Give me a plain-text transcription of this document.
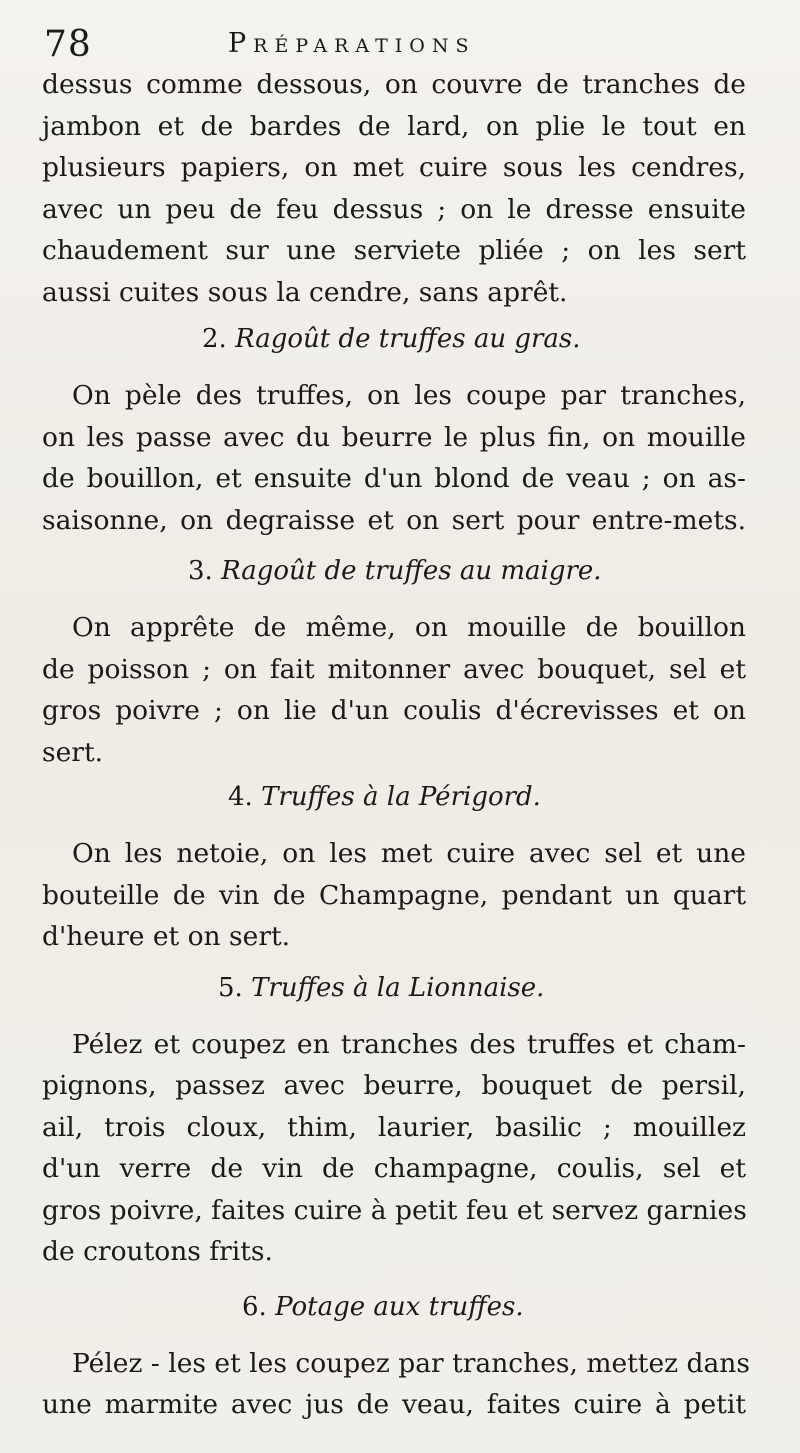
78	Préparations
dessus comme dessous, on couvre de tranches de
jambon et de bardes de lard, on plie le tout en
plusieurs papiers, on met cuire sous les cendres,
avec un peu de feu dessus ; on le dresse ensuite
chaudement sur une serviete pliée ; on les sert
aussi cuites sous la cendre, sans aprêt.
2. Ragoût de truffes au gras.
On pèle des truffes, on les coupe par tranches,
on les passe avec du beurre le plus fin, on mouille
de bouillon, et ensuite d'un blond de veau ; on as-
saisonne, on degraisse et on sert pour entre-mets.
3. Ragoût de truffes au maigre.
On apprête de même, on mouille de bouillon
de poisson ; on fait mitonner avec bouquet, sel et
gros poivre ; on lie d'un coulis d'écrevisses et on
sert.
4. Truffes à la Périgord.
On les netoie, on les met cuire avec sel et une
bouteille de vin de Champagne, pendant un quart
d'heure et on sert.
5. Truffes à la Lionnaise.
Pélez et coupez en tranches des truffes et cham-
pignons, passez avec beurre, bouquet de persil,
ail, trois cloux, thim, laurier, basilic ; mouillez
d'un verre de vin de champagne, coulis, sel et
gros poivre, faites cuire à petit feu et servez garnies
de croutons frits.
6. Potage aux truffes.
Pélez - les et les coupez par tranches, mettez dans
une marmite avec jus de veau, faites cuire à petit
